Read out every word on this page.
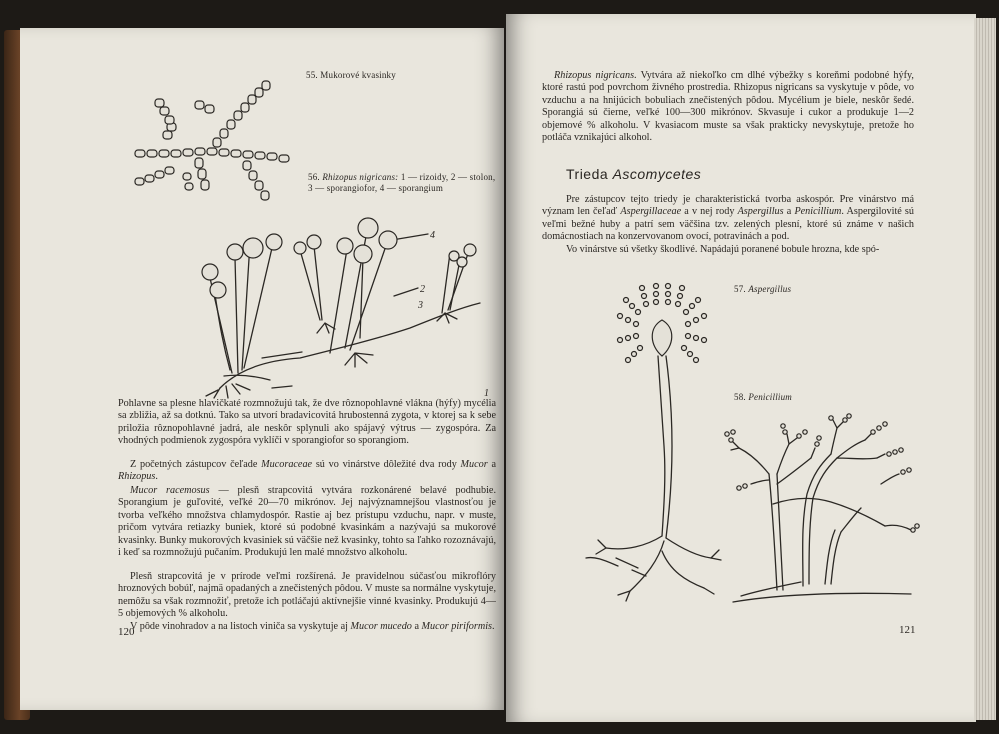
55. Mukorové kvasinky
56. Rhizopus nigricans: 1 — rizoidy, 2 — stolon, 3 — sporangiofor, 4 — sporangium
1
2
3
4

Pohlavne sa plesne hlavičkaté rozmnožujú tak, že dve rôznopohlavné vlákna (hýfy) mycélia sa zbližia, až sa dotknú. Tako sa utvorí bradavicovitá hrubostenná zygota, v ktorej sa k sebe priložia rôznopohlavné jadrá, ale neskôr splynuli ako spájavý výtrus — zygospóra. Za vhodných podmienok zygospóra vyklíči v sporangiofor so sporangiom.

Z početných zástupcov čeľade Mucoraceae sú vo vinárstve dôležité dva rody Mucor a Rhizopus.

Mucor racemosus — plesň strapcovitá vytvára rozkonárené belavé podhubie. Sporangium je guľovité, veľké 20—70 mikrónov. Jej najvýznamnejšou vlastnosťou je tvorba veľkého množstva chlamydospór. Rastie aj bez prístupu vzduchu, napr. v muste, pričom vytvára retiazky buniek, ktoré sú podobné kvasinkám a nazývajú sa mukorové kvasinky. Bunky mukorových kvasiniek sú väčšie než kvasinky, tohto sa ľahko rozoznávajú, i keď sa rozmnožujú pučaním. Produkujú len malé množstvo alkoholu.

Plesň strapcovitá je v prírode veľmi rozšírená. Je pravidelnou súčasťou mikroflóry hroznových bobúľ, najmä opadaných a znečistených pôdou. V muste sa normálne vyskytuje, nemôžu sa však rozmnožiť, pretože ich potláčajú aktívnejšie vinné kvasinky. Produkujú 4—5 objemových % alkoholu.

V pôde vinohradov a na listoch viniča sa vyskytuje aj Mucor mucedo a Mucor piriformis.

120

Rhizopus nigricans. Vytvára až niekoľko cm dlhé výbežky s koreňmi podobné hýfy, ktoré rastú pod povrchom živného prostredia. Rhizopus nigricans sa vyskytuje v pôde, vo vzduchu a na hnijúcich bobuliach znečistených pôdou. Mycélium je biele, neskôr šedé. Sporangiá sú čierne, veľké 100—300 mikrónov. Skvasuje i cukor a produkuje 1—2 objemové % alkoholu. V kvasiacom muste sa však prakticky nevyskytuje, pretože ho potláča vznikajúci alkohol.

Trieda Ascomycetes

Pre zástupcov tejto triedy je charakteristická tvorba askospór. Pre vinárstvo má význam len čeľaď Aspergillaceae a v nej rody Aspergillus a Penicillium. Aspergilovité sú veľmi bežné huby a patrí sem väčšina tzv. zelených plesní, ktoré sú známe v našich domácnostiach na konzervovanom ovocí, potravinách a pod.

Vo vinárstve sú všetky škodlivé. Napádajú poranené bobule hrozna, kde spó-

57. Aspergillus
58. Penicillium
121
